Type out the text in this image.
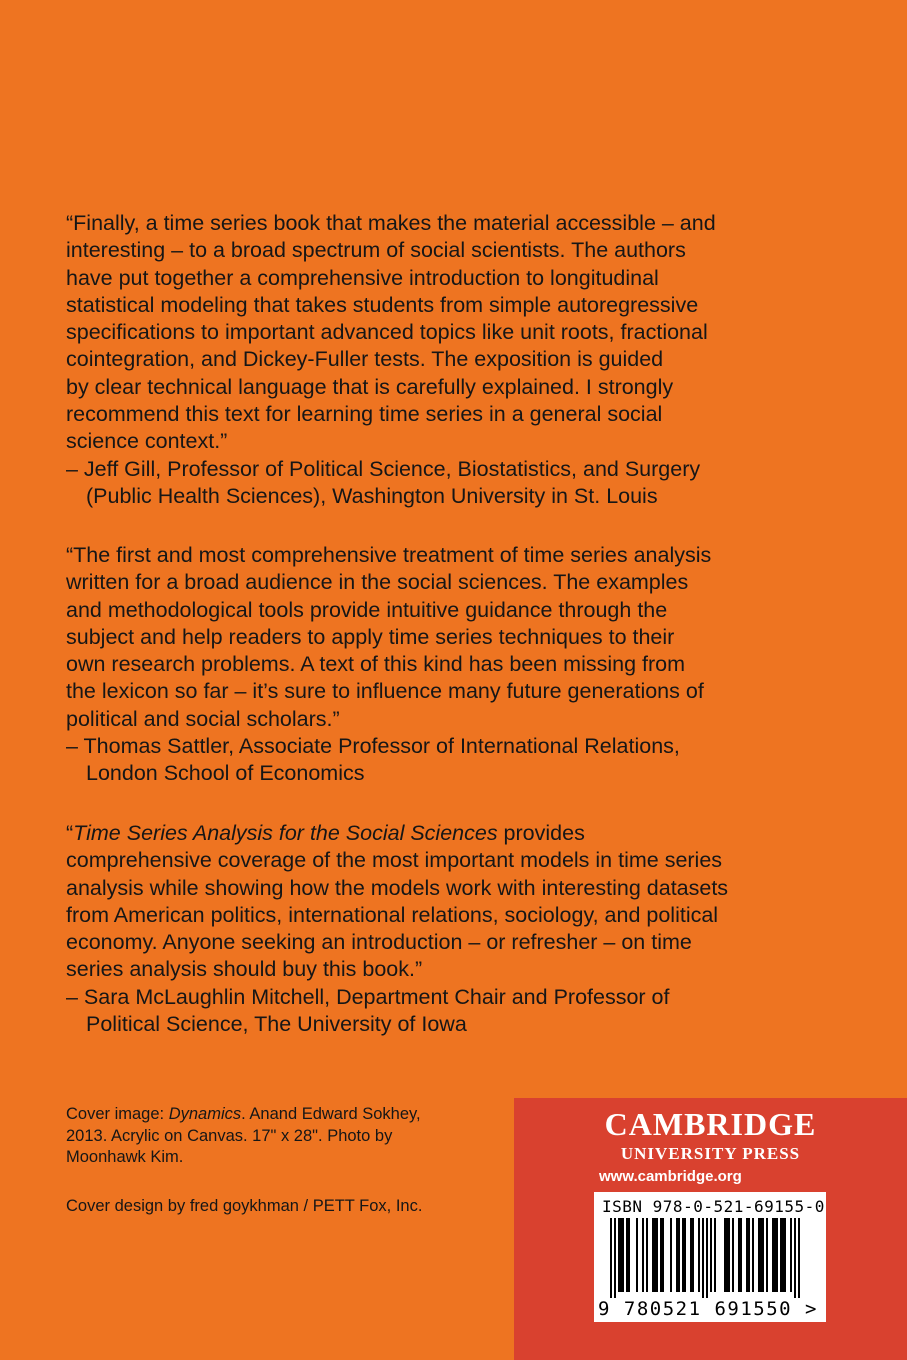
“Finally, a time series book that makes the material accessible – and

interesting – to a broad spectrum of social scientists. The authors

have put together a comprehensive introduction to longitudinal

statistical modeling that takes students from simple autoregressive

specifications to important advanced topics like unit roots, fractional

cointegration, and Dickey-Fuller tests. The exposition is guided

by clear technical language that is carefully explained. I strongly

recommend this text for learning time series in a general social

science context.”

– Jeff Gill, Professor of Political Science, Biostatistics, and Surgery

(Public Health Sciences), Washington University in St. Louis

“The first and most comprehensive treatment of time series analysis

written for a broad audience in the social sciences. The examples

and methodological tools provide intuitive guidance through the

subject and help readers to apply time series techniques to their

own research problems. A text of this kind has been missing from

the lexicon so far – it’s sure to influence many future generations of

political and social scholars.”

– Thomas Sattler, Associate Professor of International Relations,

London School of Economics

“Time Series Analysis for the Social Sciences provides

comprehensive coverage of the most important models in time series

analysis while showing how the models work with interesting datasets

from American politics, international relations, sociology, and political

economy. Anyone seeking an introduction – or refresher – on time

series analysis should buy this book.”

– Sara McLaughlin Mitchell, Department Chair and Professor of

Political Science, The University of Iowa

Cover image: Dynamics. Anand Edward Sokhey,
2013. Acrylic on Canvas. 17" x 28". Photo by
Moonhawk Kim.
Cover design by fred goykhman / PETT Fox, Inc.
CAMBRIDGE
UNIVERSITY PRESS
www.cambridge.org
ISBN 978-0-521-69155-0
9 780521 691550 >
